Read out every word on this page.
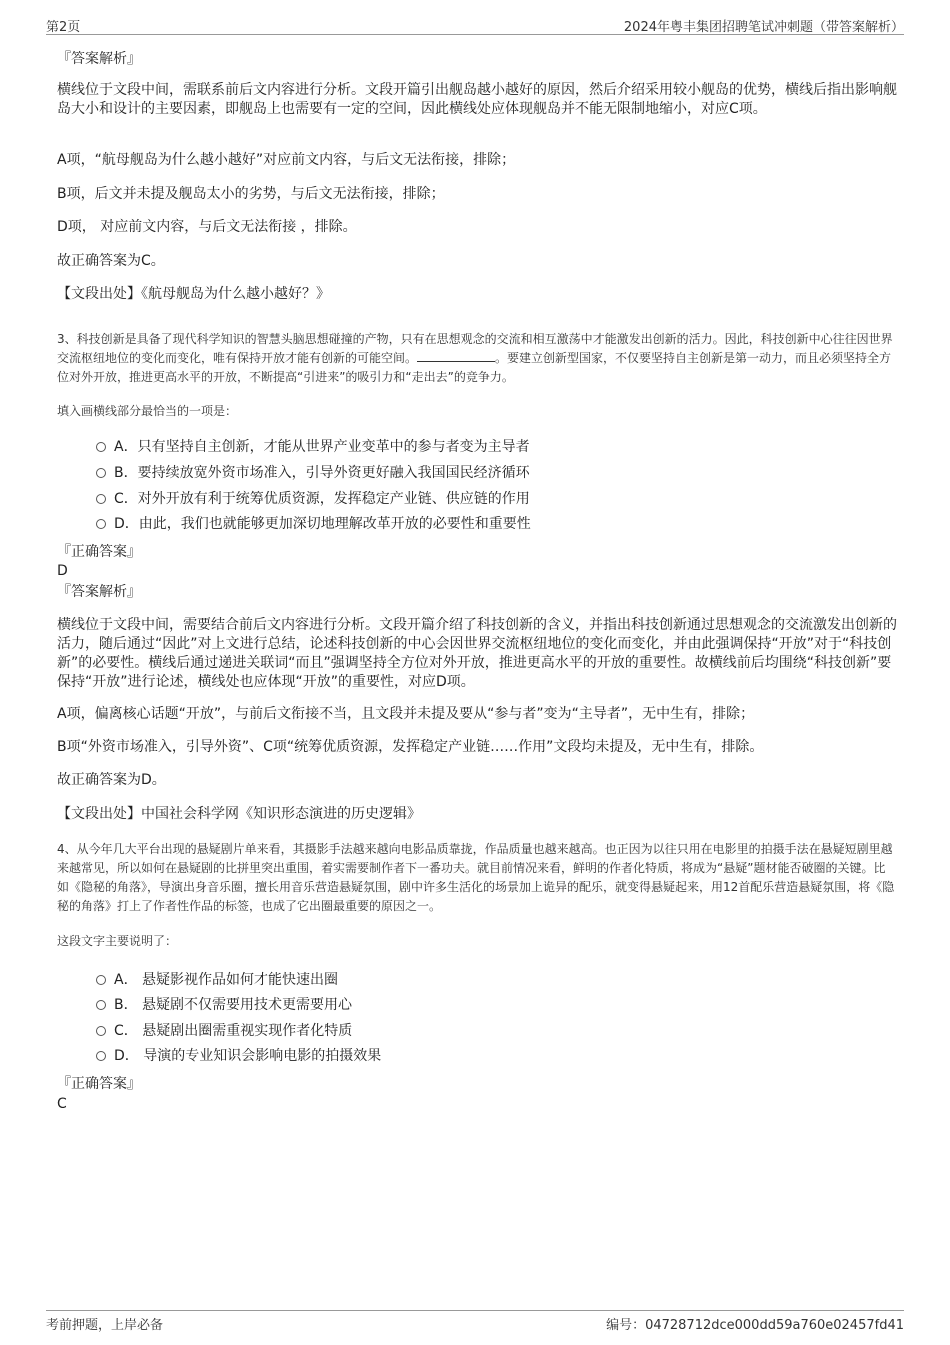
第2页	2024年粤丰集团招聘笔试冲刺题（带答案解析）
『答案解析』
横线位于文段中间，需联系前后文内容进行分析。文段开篇引出舰岛越小越好的原因，然后介绍采用较小舰岛的优势，横线后指出影响舰岛大小和设计的主要因素，即舰岛上也需要有一定的空间，因此横线处应体现舰岛并不能无限制地缩小，对应C项。
A项，“航母舰岛为什么越小越好”对应前文内容，与后文无法衔接，排除；
B项，后文并未提及舰岛太小的劣势，与后文无法衔接，排除；
D项， 对应前文内容，与后文无法衔接 ，排除。
故正确答案为C。
【文段出处】《航母舰岛为什么越小越好？》
3、科技创新是具备了现代科学知识的智慧头脑思想碰撞的产物，只有在思想观念的交流和相互激荡中才能激发出创新的活力。因此，科技创新中心往往因世界交流枢纽地位的变化而变化，唯有保持开放才能有创新的可能空间。	。要建立创新型国家，不仅要坚持自主创新是第一动力，而且必须坚持全方位对外开放，推进更高水平的开放，不断提高“引进来”的吸引力和“走出去”的竞争力。
填入画横线部分最恰当的一项是：
A．只有坚持自主创新，才能从世界产业变革中的参与者变为主导者
B．要持续放宽外资市场准入，引导外资更好融入我国国民经济循环
C．对外开放有利于统筹优质资源，发挥稳定产业链、供应链的作用
D．由此，我们也就能够更加深切地理解改革开放的必要性和重要性
『正确答案』
D
『答案解析』
横线位于文段中间，需要结合前后文内容进行分析。文段开篇介绍了科技创新的含义，并指出科技创新通过思想观念的交流激发出创新的活力，随后通过“因此”对上文进行总结，论述科技创新的中心会因世界交流枢纽地位的变化而变化，并由此强调保持“开放”对于“科技创新”的必要性。横线后通过递进关联词“而且”强调坚持全方位对外开放，推进更高水平的开放的重要性。故横线前后均围绕“科技创新”要保持“开放”进行论述，横线处也应体现“开放”的重要性，对应D项。
A项，偏离核心话题“开放”，与前后文衔接不当，且文段并未提及要从“参与者”变为“主导者”，无中生有，排除；
B项“外资市场准入，引导外资”、C项“统筹优质资源，发挥稳定产业链……作用”文段均未提及，无中生有，排除。
故正确答案为D。
【文段出处】中国社会科学网《知识形态演进的历史逻辑》
4、从今年几大平台出现的悬疑剧片单来看，其摄影手法越来越向电影品质靠拢，作品质量也越来越高。也正因为以往只用在电影里的拍摄手法在悬疑短剧里越来越常见，所以如何在悬疑剧的比拼里突出重围，着实需要制作者下一番功夫。就目前情况来看，鲜明的作者化特质，将成为“悬疑”题材能否破圈的关键。比如《隐秘的角落》，导演出身音乐圈，擅长用音乐营造悬疑氛围，剧中许多生活化的场景加上诡异的配乐，就变得悬疑起来，用12首配乐营造悬疑氛围，将《隐秘的角落》打上了作者性作品的标签，也成了它出圈最重要的原因之一。
这段文字主要说明了：
A． 悬疑影视作品如何才能快速出圈
B． 悬疑剧不仅需要用技术更需要用心
C． 悬疑剧出圈需重视实现作者化特质
D． 导演的专业知识会影响电影的拍摄效果
『正确答案』
C
考前押题，上岸必备	编号：04728712dce000dd59a760e02457fd41
